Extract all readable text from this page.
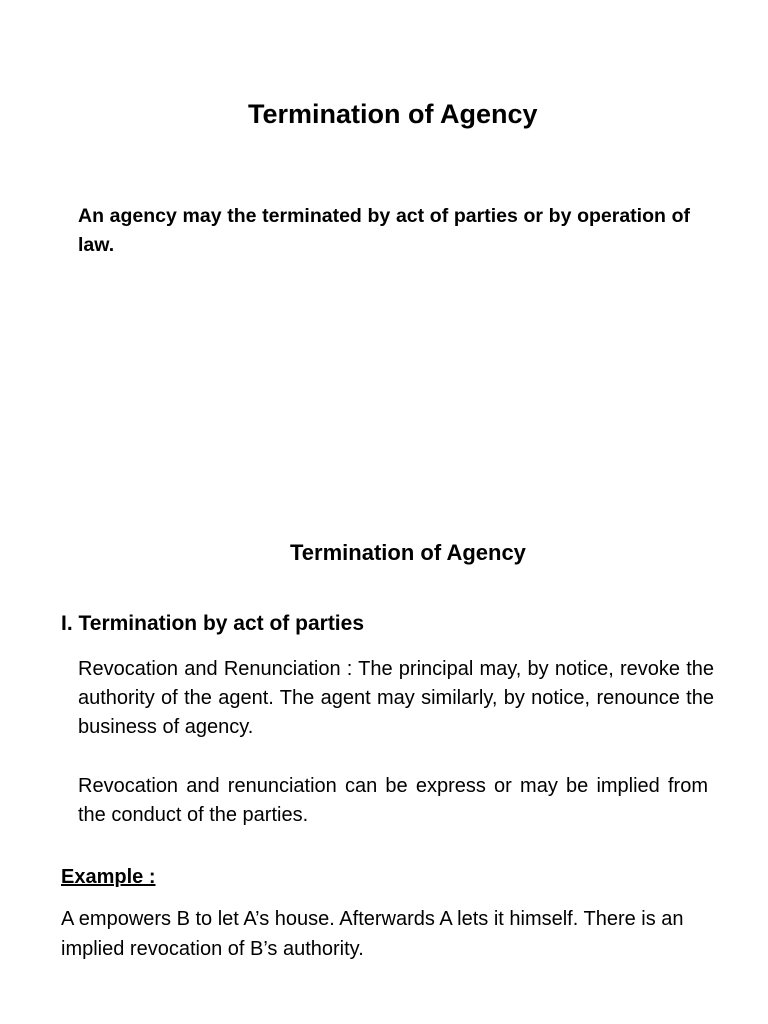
Termination of Agency

An agency may the terminated by act of parties or by operation of law.

Termination of Agency
I. Termination by act of parties

Revocation and Renunciation : The principal may, by notice, revoke the authority of the agent. The agent may similarly, by notice, renounce the business of agency.

Revocation and renunciation can be express or may be implied from the conduct of the parties.

Example :

A empowers B to let A’s house. Afterwards A lets it himself. There is an implied revocation of B’s authority.
